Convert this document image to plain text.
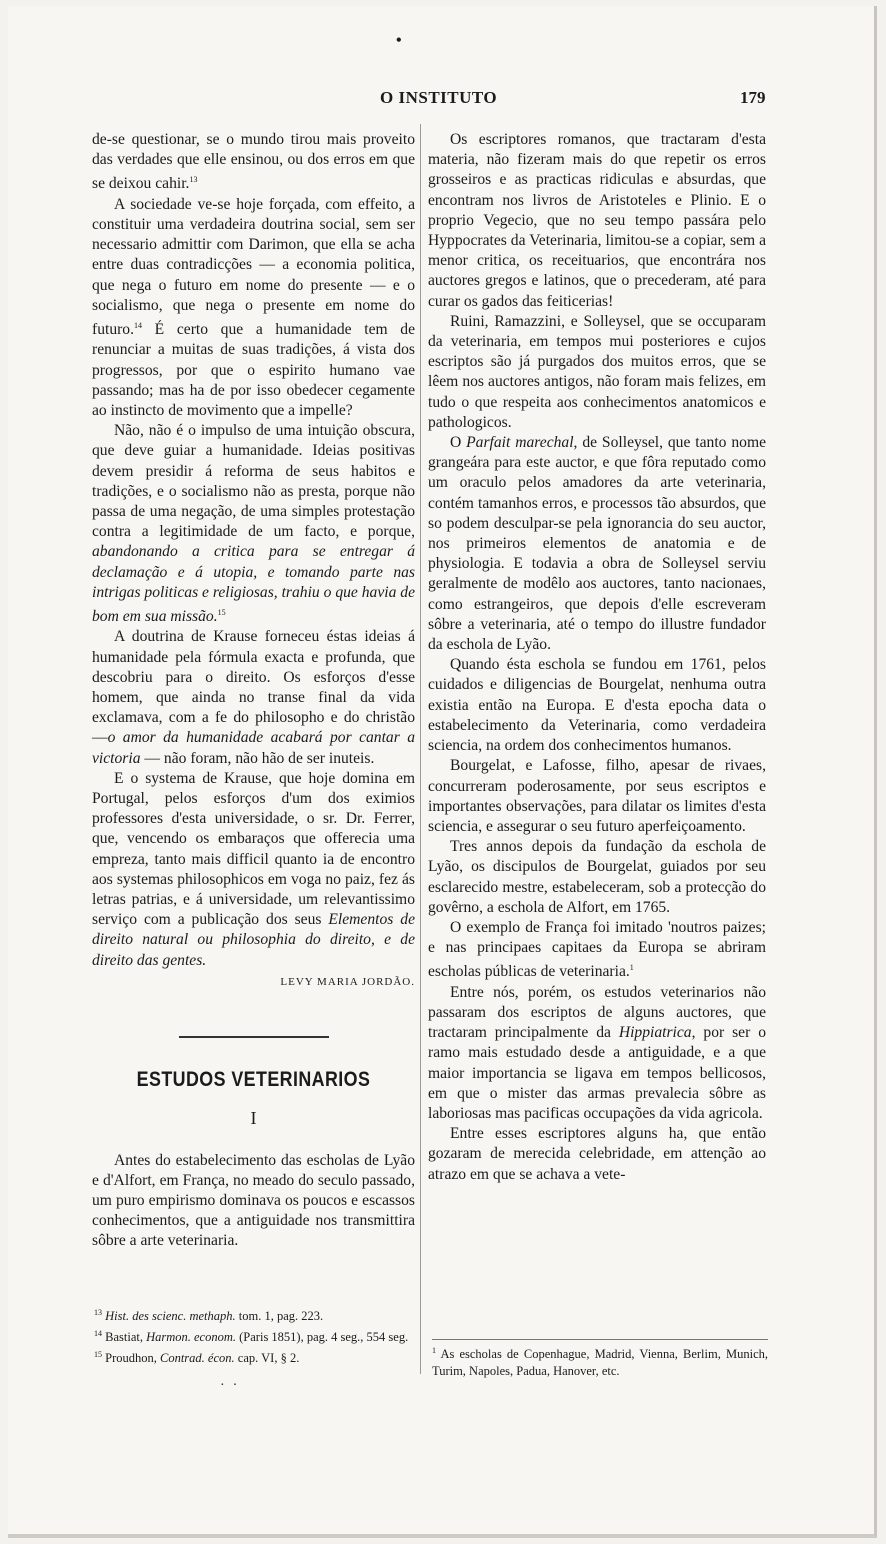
•
O INSTITUTO	179

de-se questionar, se o mundo tirou mais proveito das verdades que elle ensinou, ou dos erros em que se deixou cahir.$^{13}$

A sociedade ve-se hoje forçada, com effeito, a constituir uma verdadeira doutrina social, sem ser necessario admittir com Darimon, que ella se acha entre duas contradicções — a economia politica, que nega o futuro em nome do presente — e o socialismo, que nega o presente em nome do futuro.$^{14}$ É certo que a humanidade tem de renunciar a muitas de suas tradições, á vista dos progressos, por que o espirito humano vae passando; mas ha de por isso obedecer cegamente ao instincto de movimento que a impelle?

Não, não é o impulso de uma intuição obscura, que deve guiar a humanidade. Ideias positivas devem presidir á reforma de seus habitos e tradições, e o socialismo não as presta, porque não passa de uma negação, de uma simples protestação contra a legitimidade de um facto, e porque, abandonando a critica para se entregar á declamação e á utopia, e tomando parte nas intrigas politicas e religiosas, trahiu o que havia de bom em sua missão.$^{15}$

A doutrina de Krause forneceu éstas ideias á humanidade pela fórmula exacta e profunda, que descobriu para o direito. Os esforços d'esse homem, que ainda no transe final da vida exclamava, com a fe do philosopho e do christão —o amor da humanidade acabará por cantar a victoria — não foram, não hão de ser inuteis.

E o systema de Krause, que hoje domina em Portugal, pelos esforços d'um dos eximios professores d'esta universidade, o sr. Dr. Ferrer, que, vencendo os embaraços que offerecia uma empreza, tanto mais difficil quanto ia de encontro aos systemas philosophicos em voga no paiz, fez ás letras patrias, e á universidade, um relevantissimo serviço com a publicação dos seus Elementos de direito natural ou philosophia do direito, e de direito das gentes.

LEVY MARIA JORDÃO.
ESTUDOS VETERINARIOS
I

Antes do estabelecimento das escholas de Lyão e d'Alfort, em França, no meado do seculo passado, um puro empirismo dominava os poucos e escassos conhecimentos, que a antiguidade nos transmittira sôbre a arte veterinaria.

$^{13}$ Hist. des scienc. methaph. tom. 1, pag. 223.

$^{14}$ Bastiat, Harmon. econom. (Paris 1851), pag. 4 seg., 554 seg.

$^{15}$ Proudhon, Contrad. écon. cap. VI, § 2.

··

Os escriptores romanos, que tractaram d'esta materia, não fizeram mais do que repetir os erros grosseiros e as practicas ridiculas e absurdas, que encontram nos livros de Aristoteles e Plinio. E o proprio Vegecio, que no seu tempo passára pelo Hyppocrates da Veterinaria, limitou-se a copiar, sem a menor critica, os receituarios, que encontrára nos auctores gregos e latinos, que o precederam, até para curar os gados das feiticerias!

Ruini, Ramazzini, e Solleysel, que se occuparam da veterinaria, em tempos mui posteriores e cujos escriptos são já purgados dos muitos erros, que se lêem nos auctores antigos, não foram mais felizes, em tudo o que respeita aos conhecimentos anatomicos e pathologicos.

O Parfait marechal, de Solleysel, que tanto nome grangeára para este auctor, e que fôra reputado como um oraculo pelos amadores da arte veterinaria, contém tamanhos erros, e processos tão absurdos, que so podem desculpar-se pela ignorancia do seu auctor, nos primeiros elementos de anatomia e de physiologia. E todavia a obra de Solleysel serviu geralmente de modêlo aos auctores, tanto nacionaes, como estrangeiros, que depois d'elle escreveram sôbre a veterinaria, até o tempo do illustre fundador da eschola de Lyão.

Quando ésta eschola se fundou em 1761, pelos cuidados e diligencias de Bourgelat, nenhuma outra existia então na Europa. E d'esta epocha data o estabelecimento da Veterinaria, como verdadeira sciencia, na ordem dos conhecimentos humanos.

Bourgelat, e Lafosse, filho, apesar de rivaes, concurreram poderosamente, por seus escriptos e importantes observações, para dilatar os limites d'esta sciencia, e assegurar o seu futuro aperfeiçoamento.

Tres annos depois da fundação da eschola de Lyão, os discipulos de Bourgelat, guiados por seu esclarecido mestre, estabeleceram, sob a protecção do govêrno, a eschola de Alfort, em 1765.

O exemplo de França foi imitado 'noutros paizes; e nas principaes capitaes da Europa se abriram escholas públicas de veterinaria.$^1$

Entre nós, porém, os estudos veterinarios não passaram dos escriptos de alguns auctores, que tractaram principalmente da Hippiatrica, por ser o ramo mais estudado desde a antiguidade, e a que maior importancia se ligava em tempos bellicosos, em que o mister das armas prevalecia sôbre as laboriosas mas pacificas occupações da vida agricola.

Entre esses escriptores alguns ha, que então gozaram de merecida celebridade, em attenção ao atrazo em que se achava a vete-

$^1$ As escholas de Copenhague, Madrid, Vienna, Berlim, Munich, Turim, Napoles, Padua, Hanover, etc.
